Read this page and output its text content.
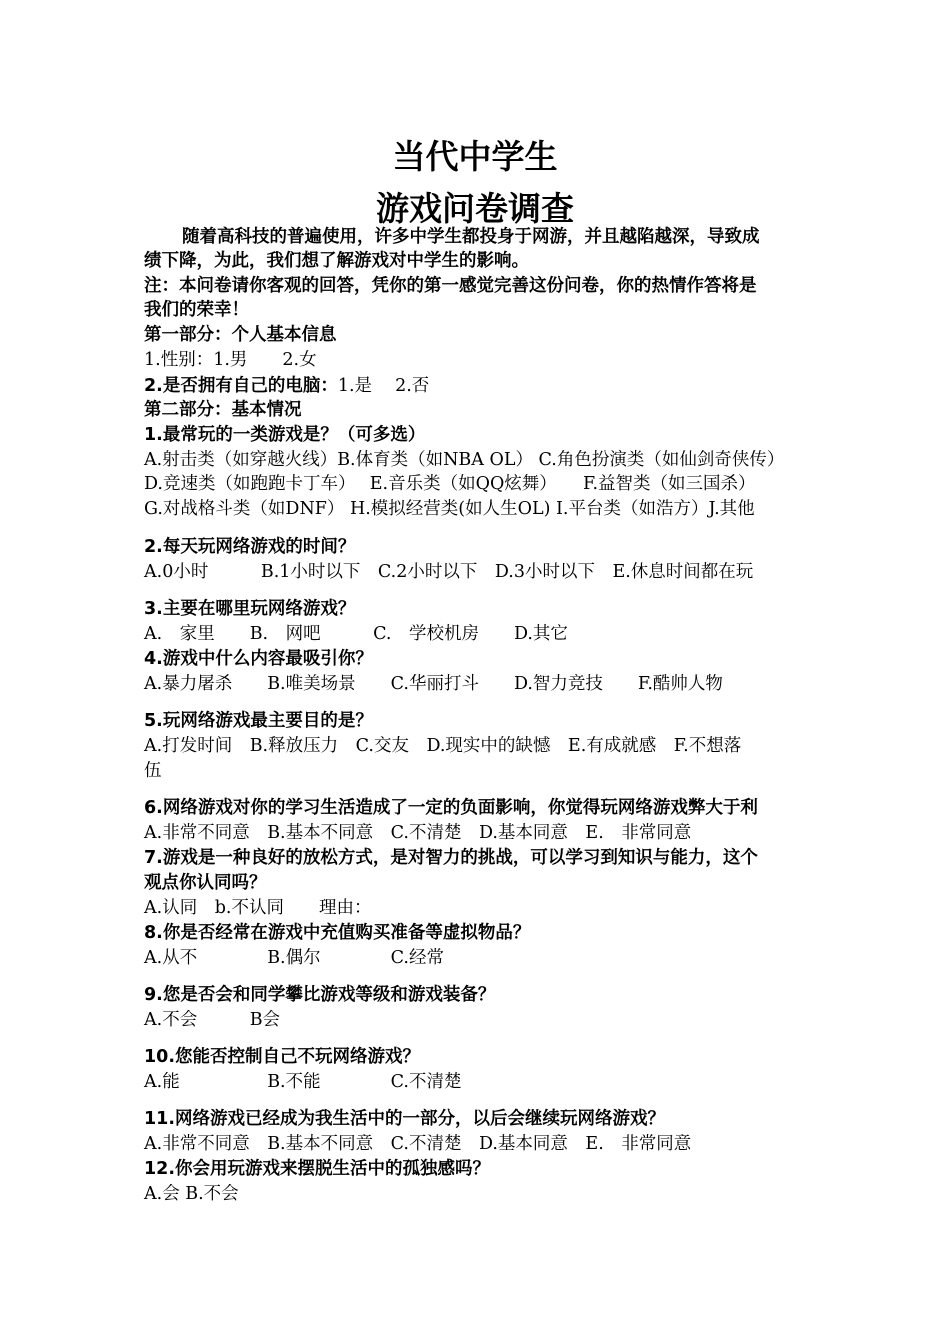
当代中学生
游戏问卷调查
随着高科技的普遍使用，许多中学生都投身于网游，并且越陷越深，导致成
绩下降，为此，我们想了解游戏对中学生的影响。
注：本问卷请你客观的回答，凭你的第一感觉完善这份问卷，你的热情作答将是
我们的荣幸！
第一部分：个人基本信息
1.性别：1.男　　2.女
2.是否拥有自己的电脑：1.是　 2.否
第二部分：基本情况
1.最常玩的一类游戏是？（可多选）
A.射击类（如穿越火线）B.体育类（如NBA OL） C.角色扮演类（如仙剑奇侠传）
D.竞速类（如跑跑卡丁车）　 E.音乐类（如QQ炫舞）　　F.益智类（如三国杀）
G.对战格斗类（如DNF） H.模拟经营类(如人生OL) I.平台类（如浩方）J.其他
2.每天玩网络游戏的时间？
A.0小时　　　B.1小时以下　C.2小时以下　D.3小时以下　E.休息时间都在玩
3.主要在哪里玩网络游戏？
A.　家里　　B.　网吧　　　C.　学校机房　　D.其它
4.游戏中什么内容最吸引你？
A.暴力屠杀　　B.唯美场景　　C.华丽打斗　　D.智力竞技　　F.酷帅人物
5.玩网络游戏最主要目的是？
A.打发时间　B.释放压力　C.交友　D.现实中的缺憾　E.有成就感　F.不想落
伍
6.网络游戏对你的学习生活造成了一定的负面影响，你觉得玩网络游戏弊大于利
A.非常不同意　B.基本不同意　C.不清楚　D.基本同意　E.　非常同意
7.游戏是一种良好的放松方式，是对智力的挑战，可以学习到知识与能力，这个
观点你认同吗？
A.认同　b.不认同　　理由：
8.你是否经常在游戏中充值购买准备等虚拟物品？
A.从不　　　　B.偶尔　　　　C.经常
9.您是否会和同学攀比游戏等级和游戏装备？
A.不会　　　B会
10.您能否控制自己不玩网络游戏？
A.能　　　　　B.不能　　　　C.不清楚
11.网络游戏已经成为我生活中的一部分，以后会继续玩网络游戏？
A.非常不同意　B.基本不同意　C.不清楚　D.基本同意　E.　非常同意
12.你会用玩游戏来摆脱生活中的孤独感吗？
A.会 B.不会
